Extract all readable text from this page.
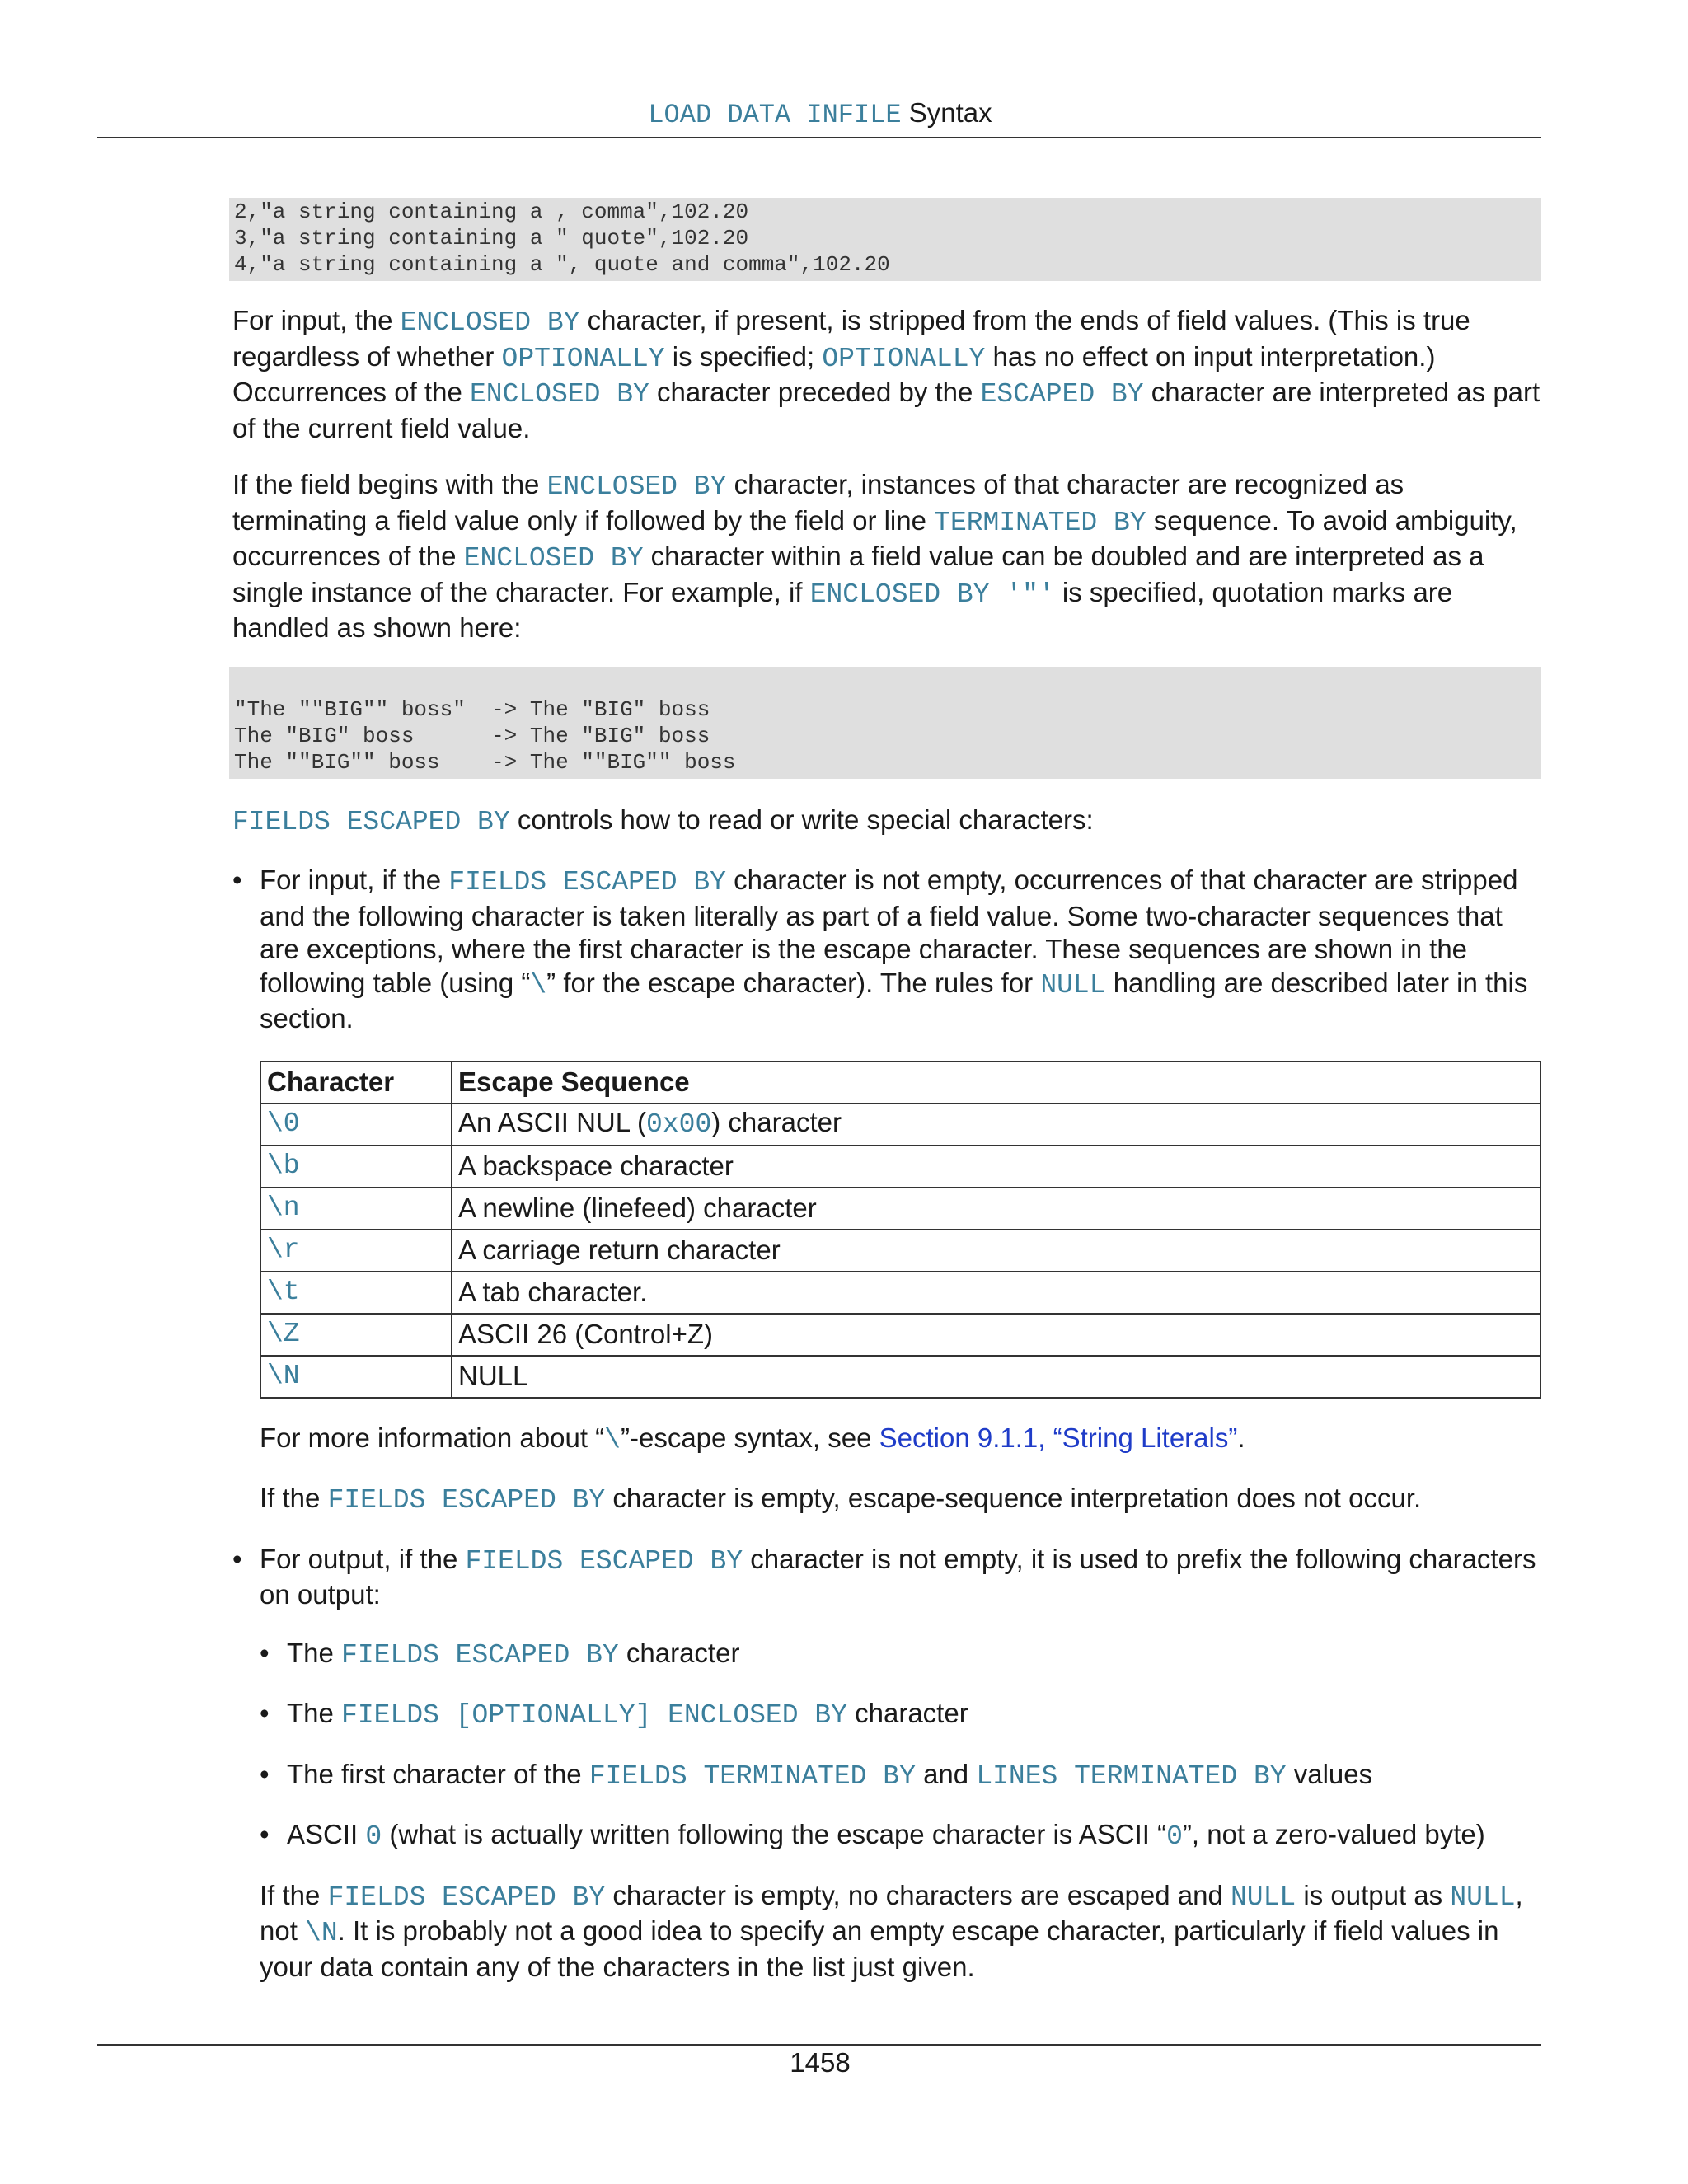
LOAD DATA INFILE Syntax
2,"a string containing a , comma",102.20
3,"a string containing a " quote",102.20
4,"a string containing a ", quote and comma",102.20

For input, the ENCLOSED BY character, if present, is stripped from the ends of field values. (This is true regardless of whether OPTIONALLY is specified; OPTIONALLY has no effect on input interpretation.) Occurrences of the ENCLOSED BY character preceded by the ESCAPED BY character are interpreted as part of the current field value.

If the field begins with the ENCLOSED BY character, instances of that character are recognized as terminating a field value only if followed by the field or line TERMINATED BY sequence. To avoid ambiguity, occurrences of the ENCLOSED BY character within a field value can be doubled and are interpreted as a single instance of the character. For example, if ENCLOSED BY '"' is specified, quotation marks are handled as shown here:

"The ""BIG"" boss"  -> The "BIG" boss
The "BIG" boss      -> The "BIG" boss
The ""BIG"" boss    -> The ""BIG"" boss

FIELDS ESCAPED BY controls how to read or write special characters:

• For input, if the FIELDS ESCAPED BY character is not empty, occurrences of that character are stripped and the following character is taken literally as part of a field value. Some two-character sequences that are exceptions, where the first character is the escape character. These sequences are shown in the following table (using “\” for the escape character). The rules for NULL handling are described later in this section.

Character	Escape Sequence
\0	An ASCII NUL (0x00) character
\b	A backspace character
\n	A newline (linefeed) character
\r	A carriage return character
\t	A tab character.
\Z	ASCII 26 (Control+Z)
\N	NULL

For more information about “\”-escape syntax, see Section 9.1.1, “String Literals”.

If the FIELDS ESCAPED BY character is empty, escape-sequence interpretation does not occur.

• For output, if the FIELDS ESCAPED BY character is not empty, it is used to prefix the following characters on output:

• The FIELDS ESCAPED BY character

• The FIELDS [OPTIONALLY] ENCLOSED BY character

• The first character of the FIELDS TERMINATED BY and LINES TERMINATED BY values

• ASCII 0 (what is actually written following the escape character is ASCII “0”, not a zero-valued byte)

If the FIELDS ESCAPED BY character is empty, no characters are escaped and NULL is output as NULL, not \N. It is probably not a good idea to specify an empty escape character, particularly if field values in your data contain any of the characters in the list just given.

1458
